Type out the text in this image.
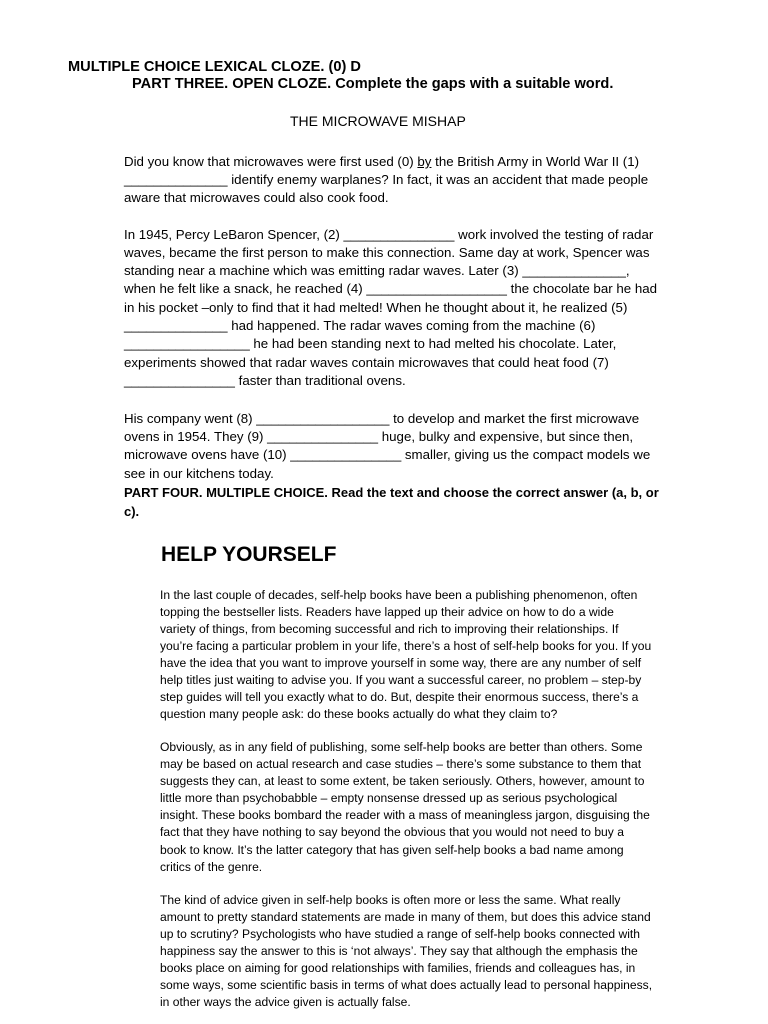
MULTIPLE CHOICE LEXICAL CLOZE. (0) D
PART THREE. OPEN CLOZE. Complete the gaps with a suitable word.
THE MICROWAVE MISHAP
Did you know that microwaves were first used (0) by the British Army in World War II (1)
______________ identify enemy warplanes? In fact, it was an accident that made people
aware that microwaves could also cook food.
In 1945, Percy LeBaron Spencer, (2) _______________ work involved the testing of radar
waves, became the first person to make this connection. Same day at work, Spencer was
standing near a machine which was emitting radar waves. Later (3) ______________,
when he felt like a snack, he reached (4) ___________________ the chocolate bar he had
in his pocket –only to find that it had melted! When he thought about it, he realized (5)
______________ had happened. The radar waves coming from the machine (6)
_________________ he had been standing next to had melted his chocolate. Later,
experiments showed that radar waves contain microwaves that could heat food (7)
_______________ faster than traditional ovens.
His company went (8) __________________ to develop and market the first microwave
ovens in 1954. They (9) _______________ huge, bulky and expensive, but since then,
microwave ovens have (10) _______________ smaller, giving us the compact models we
see in our kitchens today.
PART FOUR. MULTIPLE CHOICE. Read the text and choose the correct answer (a, b, or
c).
HELP YOURSELF
In the last couple of decades, self-help books have been a publishing phenomenon, often
topping the bestseller lists. Readers have lapped up their advice on how to do a wide
variety of things, from becoming successful and rich to improving their relationships. If
you’re facing a particular problem in your life, there’s a host of self-help books for you. If you
have the idea that you want to improve yourself in some way, there are any number of self
help titles just waiting to advise you. If you want a successful career, no problem – step-by
step guides will tell you exactly what to do. But, despite their enormous success, there’s a
question many people ask: do these books actually do what they claim to?
Obviously, as in any field of publishing, some self-help books are better than others. Some
may be based on actual research and case studies – there’s some substance to them that
suggests they can, at least to some extent, be taken seriously. Others, however, amount to
little more than psychobabble – empty nonsense dressed up as serious psychological
insight. These books bombard the reader with a mass of meaningless jargon, disguising the
fact that they have nothing to say beyond the obvious that you would not need to buy a
book to know. It’s the latter category that has given self-help books a bad name among
critics of the genre.
The kind of advice given in self-help books is often more or less the same. What really
amount to pretty standard statements are made in many of them, but does this advice stand
up to scrutiny? Psychologists who have studied a range of self-help books connected with
happiness say the answer to this is ‘not always’. They say that although the emphasis the
books place on aiming for good relationships with families, friends and colleagues has, in
some ways, some scientific basis in terms of what does actually lead to personal happiness,
in other ways the advice given is actually false.
